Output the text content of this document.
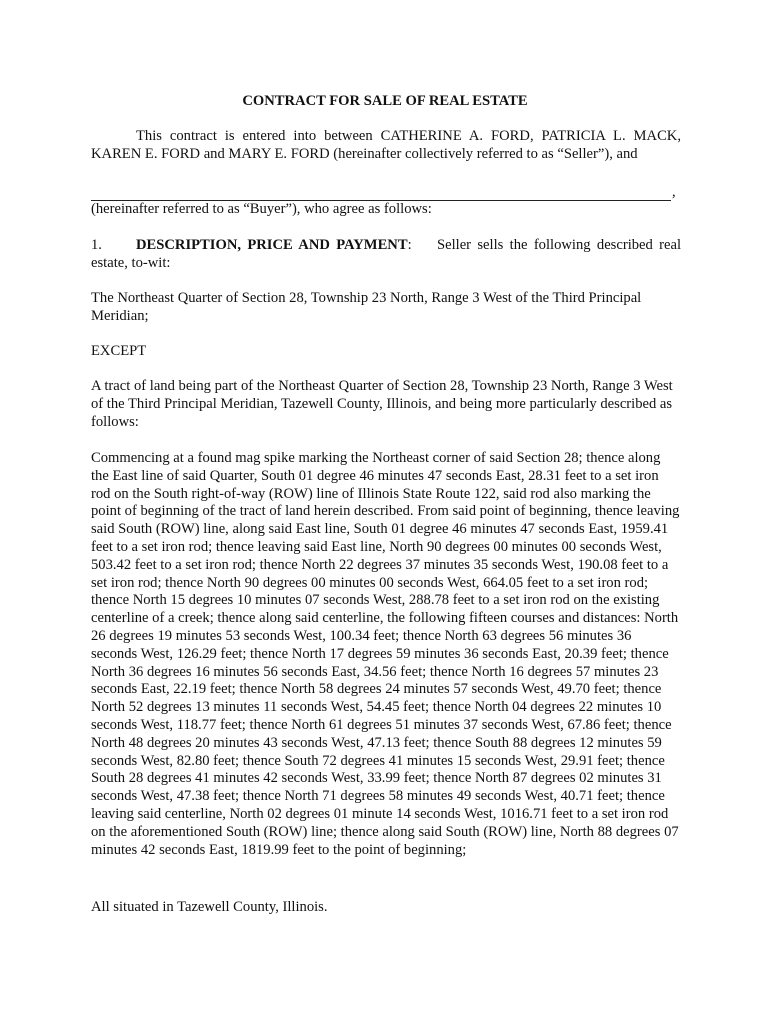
CONTRACT FOR SALE OF REAL ESTATE

This contract is entered into between CATHERINE A. FORD, PATRICIA L. MACK, KAREN E. FORD and MARY E. FORD (hereinafter collectively referred to as “Seller”), and

,

(hereinafter referred to as “Buyer”), who agree as follows:

1. DESCRIPTION, PRICE AND PAYMENT: Seller sells the following described real estate, to-wit:

The Northeast Quarter of Section 28, Township 23 North, Range 3 West of the Third Principal Meridian;

EXCEPT

A tract of land being part of the Northeast Quarter of Section 28, Township 23 North, Range 3 West of the Third Principal Meridian, Tazewell County, Illinois, and being more particularly described as follows:

Commencing at a found mag spike marking the Northeast corner of said Section 28; thence along the East line of said Quarter, South 01 degree 46 minutes 47 seconds East, 28.31 feet to a set iron rod on the South right-of-way (ROW) line of Illinois State Route 122, said rod also marking the point of beginning of the tract of land herein described. From said point of beginning, thence leaving said South (ROW) line, along said East line, South 01 degree 46 minutes 47 seconds East, 1959.41 feet to a set iron rod; thence leaving said East line, North 90 degrees 00 minutes 00 seconds West, 503.42 feet to a set iron rod; thence North 22 degrees 37 minutes 35 seconds West, 190.08 feet to a set iron rod; thence North 90 degrees 00 minutes 00 seconds West, 664.05 feet to a set iron rod; thence North 15 degrees 10 minutes 07 seconds West, 288.78 feet to a set iron rod on the existing centerline of a creek; thence along said centerline, the following fifteen courses and distances: North 26 degrees 19 minutes 53 seconds West, 100.34 feet; thence North 63 degrees 56 minutes 36 seconds West, 126.29 feet; thence North 17 degrees 59 minutes 36 seconds East, 20.39 feet; thence North 36 degrees 16 minutes 56 seconds East, 34.56 feet; thence North 16 degrees 57 minutes 23 seconds East, 22.19 feet; thence North 58 degrees 24 minutes 57 seconds West, 49.70 feet; thence North 52 degrees 13 minutes 11 seconds West, 54.45 feet; thence North 04 degrees 22 minutes 10 seconds West, 118.77 feet; thence North 61 degrees 51 minutes 37 seconds West, 67.86 feet; thence North 48 degrees 20 minutes 43 seconds West, 47.13 feet; thence South 88 degrees 12 minutes 59 seconds West, 82.80 feet; thence South 72 degrees 41 minutes 15 seconds West, 29.91 feet; thence South 28 degrees 41 minutes 42 seconds West, 33.99 feet; thence North 87 degrees 02 minutes 31 seconds West, 47.38 feet; thence North 71 degrees 58 minutes 49 seconds West, 40.71 feet; thence leaving said centerline, North 02 degrees 01 minute 14 seconds West, 1016.71 feet to a set iron rod on the aforementioned South (ROW) line; thence along said South (ROW) line, North 88 degrees 07 minutes 42 seconds East, 1819.99 feet to the point of beginning;

All situated in Tazewell County, Illinois.
